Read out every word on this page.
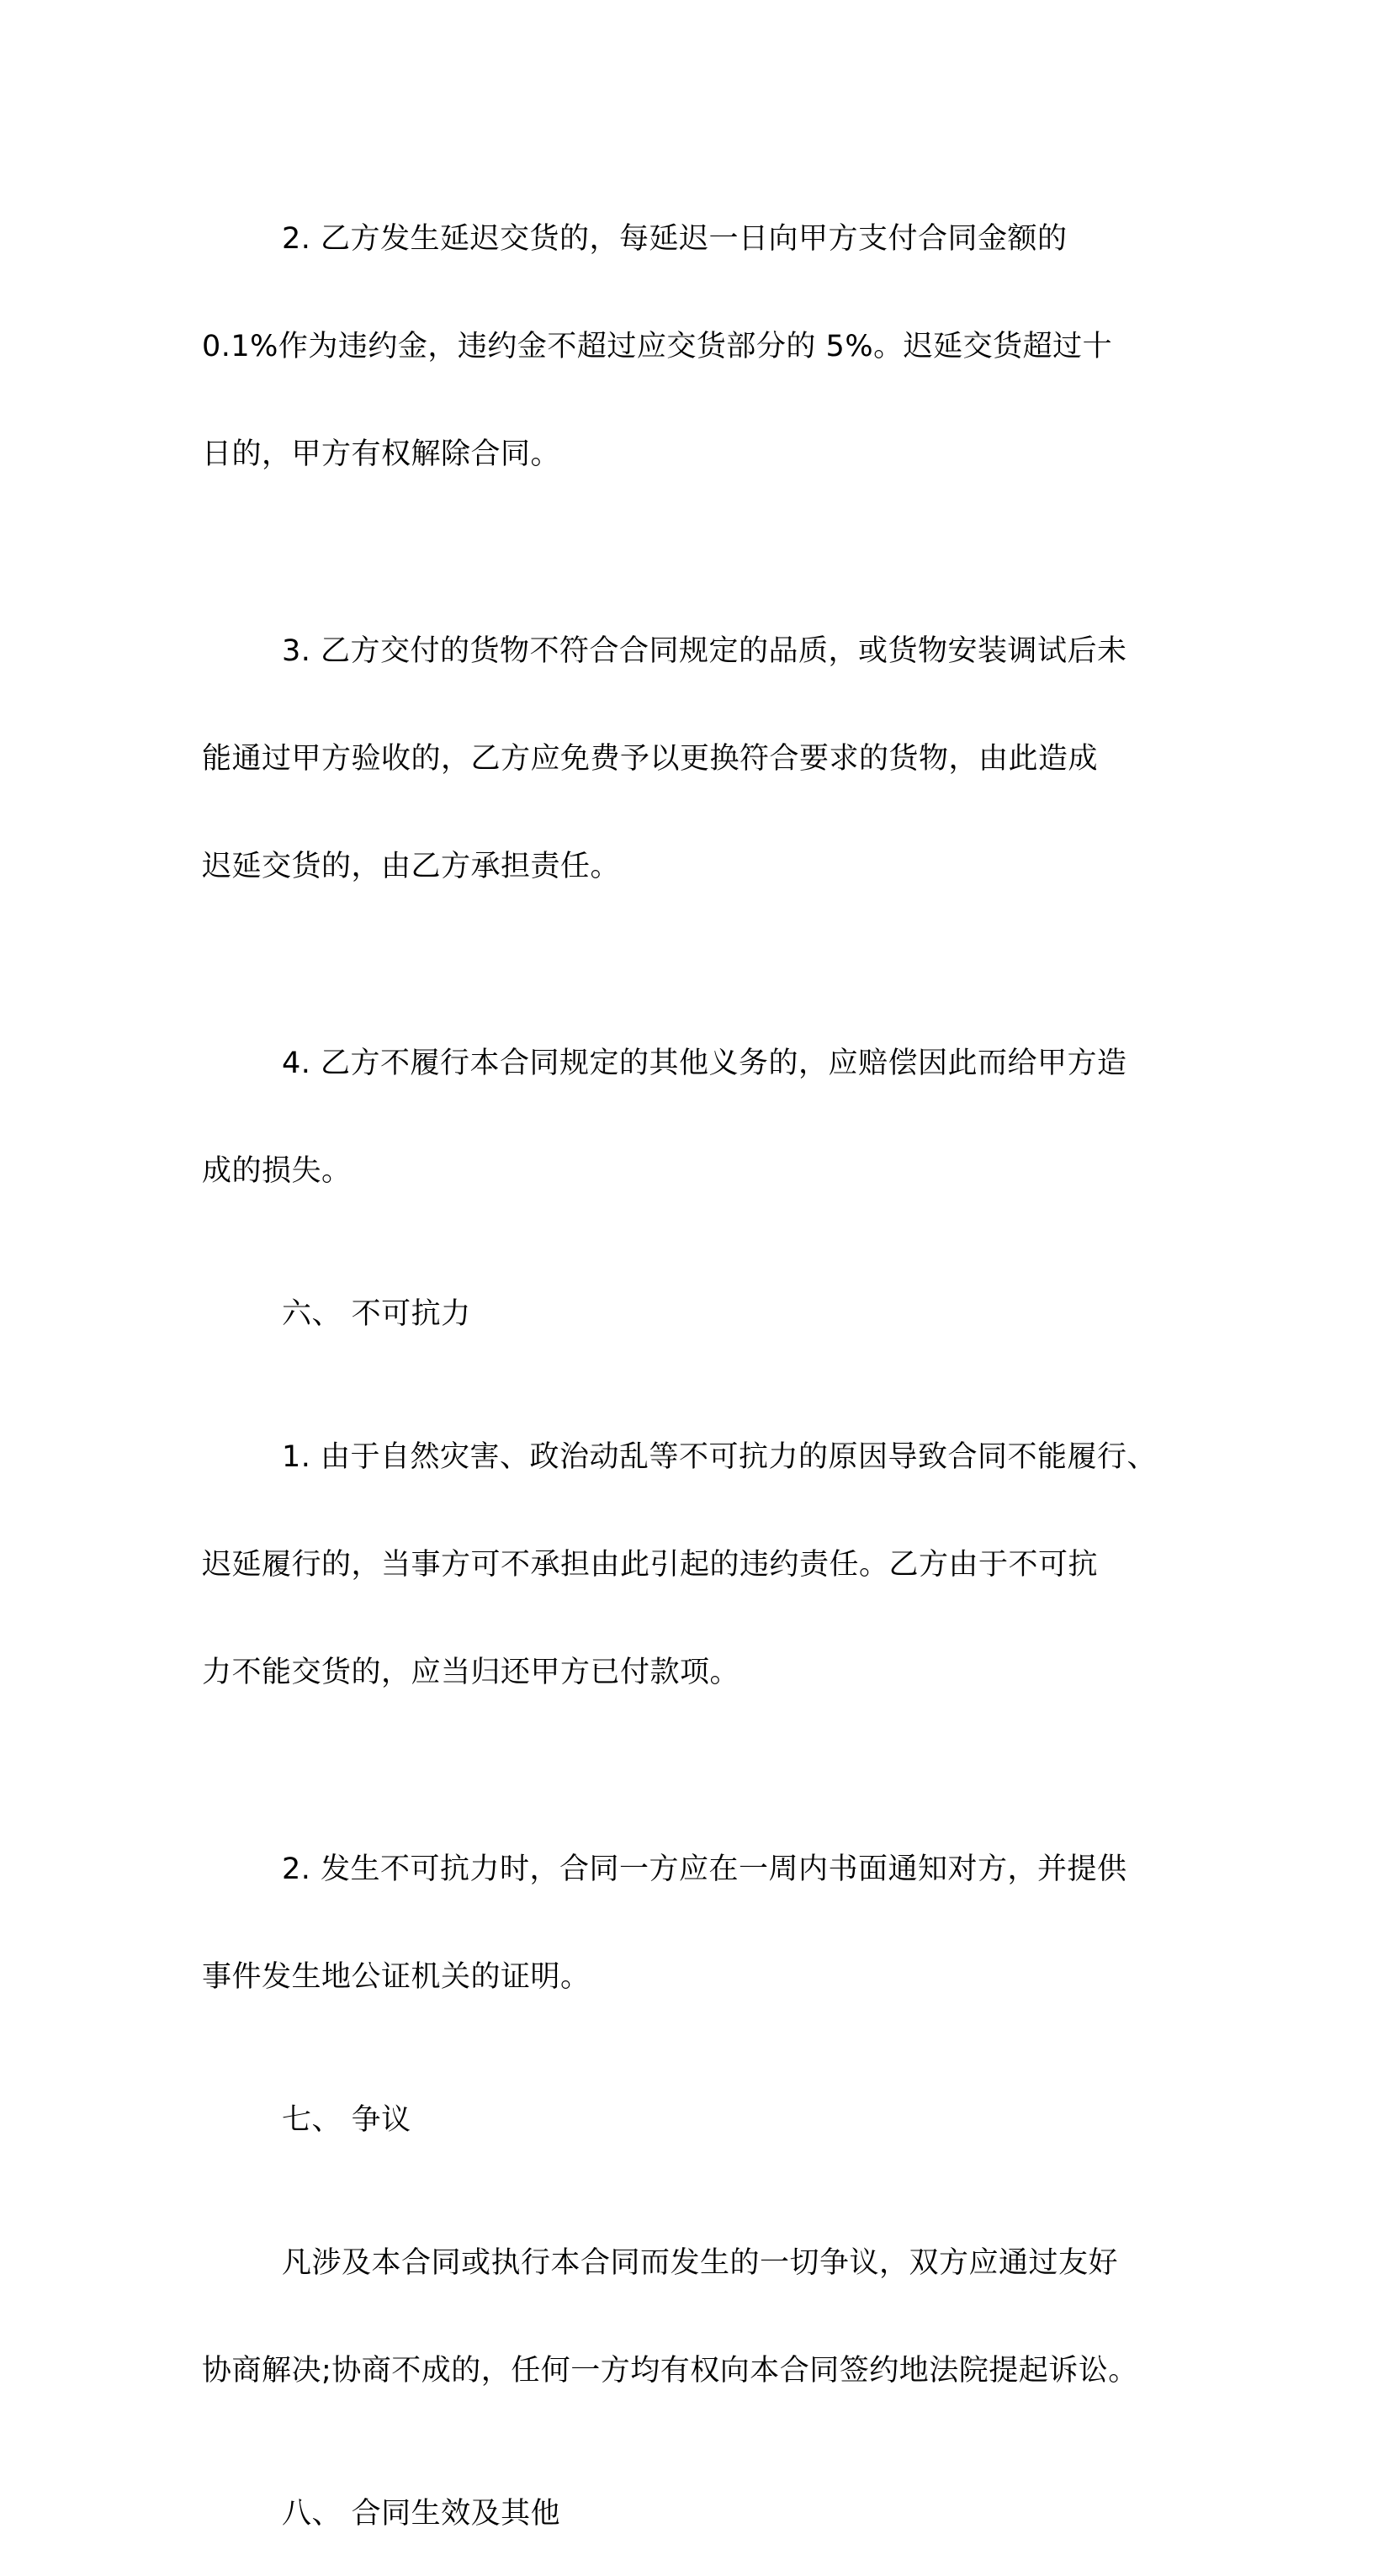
2. 乙方发生延迟交货的，每延迟一日向甲方支付合同金额的

0.1%作为违约金，违约金不超过应交货部分的 5%。迟延交货超过十

日的，甲方有权解除合同。

3. 乙方交付的货物不符合合同规定的品质，或货物安装调试后未

能通过甲方验收的，乙方应免费予以更换符合要求的货物，由此造成

迟延交货的，由乙方承担责任。

4. 乙方不履行本合同规定的其他义务的，应赔偿因此而给甲方造

成的损失。

六、 不可抗力

1. 由于自然灾害、政治动乱等不可抗力的原因导致合同不能履行、

迟延履行的，当事方可不承担由此引起的违约责任。乙方由于不可抗

力不能交货的，应当归还甲方已付款项。

2. 发生不可抗力时，合同一方应在一周内书面通知对方，并提供

事件发生地公证机关的证明。

七、 争议

凡涉及本合同或执行本合同而发生的一切争议，双方应通过友好

协商解决;协商不成的，任何一方均有权向本合同签约地法院提起诉讼。

八、 合同生效及其他
